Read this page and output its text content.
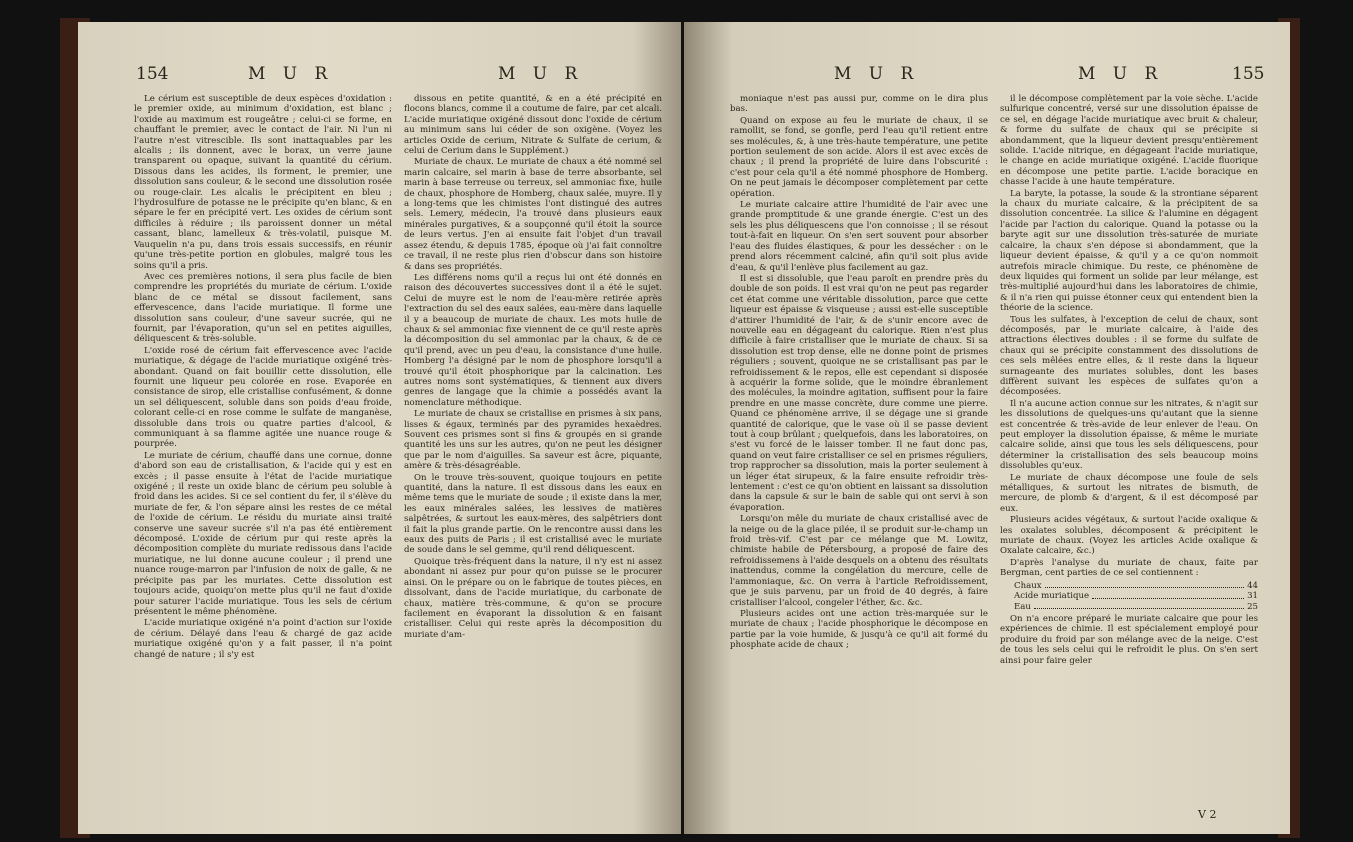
154	M U R	M U R

Le cérium est susceptible de deux espèces d'oxidation : le premier oxide, au minimum d'oxidation, est blanc ; l'oxide au maximum est rougeâtre ; celui-ci se forme, en chauffant le premier, avec le contact de l'air. Ni l'un ni l'autre n'est vitrescible. Ils sont inattaquables par les alcalis ; ils donnent, avec le borax, un verre jaune transparent ou opaque, suivant la quantité du cérium. Dissous dans les acides, ils forment, le premier, une dissolution sans couleur, & le second une dissolution rosée ou rouge-clair. Les alcalis le précipitent en bleu ; l'hydrosulfure de potasse ne le précipite qu'en blanc, & en sépare le fer en précipité vert. Les oxides de cérium sont difficiles à réduire ; ils paroissent donner un métal cassant, blanc, lamelleux & très-volatil, puisque M. Vauquelin n'a pu, dans trois essais successifs, en réunir qu'une très-petite portion en globules, malgré tous les soins qu'il a pris.

Avec ces premières notions, il sera plus facile de bien comprendre les propriétés du muriate de cérium. L'oxide blanc de ce métal se dissout facilement, sans effervescence, dans l'acide muriatique. Il forme une dissolution sans couleur, d'une saveur sucrée, qui ne fournit, par l'évaporation, qu'un sel en petites aiguilles, déliquescent & très-soluble.

L'oxide rosé de cérium fait effervescence avec l'acide muriatique, & dégage de l'acide muriatique oxigéné très-abondant. Quand on fait bouillir cette dissolution, elle fournit une liqueur peu colorée en rose. Evaporée en consistance de sirop, elle cristallise confusément, & donne un sel déliquescent, soluble dans son poids d'eau froide, colorant celle-ci en rose comme le sulfate de manganèse, dissoluble dans trois ou quatre parties d'alcool, & communiquant à sa flamme agitée une nuance rouge & pourprée.

Le muriate de cérium, chauffé dans une cornue, donne d'abord son eau de cristallisation, & l'acide qui y est en excès ; il passe ensuite à l'état de l'acide muriatique oxigéné ; il reste un oxide blanc de cérium peu soluble à froid dans les acides. Si ce sel contient du fer, il s'élève du muriate de fer, & l'on sépare ainsi les restes de ce métal de l'oxide de cérium. Le résidu du muriate ainsi traité conserve une saveur sucrée s'il n'a pas été entièrement décomposé. L'oxide de cérium pur qui reste après la décomposition complète du muriate redissous dans l'acide muriatique, ne lui donne aucune couleur ; il prend une nuance rouge-marron par l'infusion de noix de galle, & ne précipite pas par les muriates. Cette dissolution est toujours acide, quoiqu'on mette plus qu'il ne faut d'oxide pour saturer l'acide muriatique. Tous les sels de cérium présentent le même phénomène.

L'acide muriatique oxigéné n'a point d'action sur l'oxide de cérium. Délayé dans l'eau & chargé de gaz acide muriatique oxigéné qu'on y a fait passer, il n'a point changé de nature ; il s'y est

dissous en petite quantité, & en a été précipité en flocons blancs, comme il a coutume de faire, par cet alcali. L'acide muriatique oxigéné dissout donc l'oxide de cérium au minimum sans lui céder de son oxigène. (Voyez les articles Oxide de cerium, Nitrate & Sulfate de cerium, & celui de Cerium dans le Supplément.)

Muriate de chaux. Le muriate de chaux a été nommé sel marin calcaire, sel marin à base de terre absorbante, sel marin à base terreuse ou terreux, sel ammoniac fixe, huile de chaux, phosphore de Homberg, chaux salée, muyre. Il y a long-tems que les chimistes l'ont distingué des autres sels. Lemery, médecin, l'a trouvé dans plusieurs eaux minérales purgatives, & a soupçonné qu'il étoit la source de leurs vertus. J'en ai ensuite fait l'objet d'un travail assez étendu, & depuis 1785, époque où j'ai fait connoître ce travail, il ne reste plus rien d'obscur dans son histoire & dans ses propriétés.

Les différens noms qu'il a reçus lui ont été donnés en raison des découvertes successives dont il a été le sujet. Celui de muyre est le nom de l'eau-mère retirée après l'extraction du sel des eaux salées, eau-mère dans laquelle il y a beaucoup de muriate de chaux. Les mots huile de chaux & sel ammoniac fixe viennent de ce qu'il reste après la décomposition du sel ammoniac par la chaux, & de ce qu'il prend, avec un peu d'eau, la consistance d'une huile. Homberg l'a désigné par le nom de phosphore lorsqu'il a trouvé qu'il étoit phosphorique par la calcination. Les autres noms sont systématiques, & tiennent aux divers genres de langage que la chimie a possédés avant la nomenclature méthodique.

Le muriate de chaux se cristallise en prismes à six pans, lisses & égaux, terminés par des pyramides hexaèdres. Souvent ces prismes sont si fins & groupés en si grande quantité les uns sur les autres, qu'on ne peut les désigner que par le nom d'aiguilles. Sa saveur est âcre, piquante, amère & très-désagréable.

On le trouve très-souvent, quoique toujours en petite quantité, dans la nature. Il est dissous dans les eaux en même tems que le muriate de soude ; il existe dans la mer, les eaux minérales salées, les lessives de matières salpêtrées, & surtout les eaux-mères, des salpêtriers dont il fait la plus grande partie. On le rencontre aussi dans les eaux des puits de Paris ; il est cristallisé avec le muriate de soude dans le sel gemme, qu'il rend déliquescent.

Quoique très-fréquent dans la nature, il n'y est ni assez abondant ni assez pur pour qu'on puisse se le procurer ainsi. On le prépare ou on le fabrique de toutes pièces, en dissolvant, dans de l'acide muriatique, du carbonate de chaux, matière très-commune, & qu'on se procure facilement en évaporant la dissolution & en faisant cristalliser. Celui qui reste après la décomposition du muriate d'am-

M U R	M U R	155

moniaque n'est pas aussi pur, comme on le dira plus bas.

Quand on expose au feu le muriate de chaux, il se ramollit, se fond, se gonfle, perd l'eau qu'il retient entre ses molécules, &, à une très-haute température, une petite portion seulement de son acide. Alors il est avec excès de chaux ; il prend la propriété de luire dans l'obscurité : c'est pour cela qu'il a été nommé phosphore de Homberg. On ne peut jamais le décomposer complètement par cette opération.

Le muriate calcaire attire l'humidité de l'air avec une grande promptitude & une grande énergie. C'est un des sels les plus déliquescens que l'on connoisse ; il se résout tout-à-fait en liqueur. On s'en sert souvent pour absorber l'eau des fluides élastiques, & pour les dessécher : on le prend alors récemment calciné, afin qu'il soit plus avide d'eau, & qu'il l'enlève plus facilement au gaz.

Il est si dissoluble, que l'eau paroît en prendre près du double de son poids. Il est vrai qu'on ne peut pas regarder cet état comme une véritable dissolution, parce que cette liqueur est épaisse & visqueuse ; aussi est-elle susceptible d'attirer l'humidité de l'air, & de s'unir encore avec de nouvelle eau en dégageant du calorique. Rien n'est plus difficile à faire cristalliser que le muriate de chaux. Si sa dissolution est trop dense, elle ne donne point de prismes réguliers ; souvent, quoique ne se cristallisant pas par le refroidissement & le repos, elle est cependant si disposée à acquérir la forme solide, que le moindre ébranlement des molécules, la moindre agitation, suffisent pour la faire prendre en une masse concrète, dure comme une pierre. Quand ce phénomène arrive, il se dégage une si grande quantité de calorique, que le vase où il se passe devient tout à coup brûlant ; quelquefois, dans les laboratoires, on s'est vu forcé de le laisser tomber. Il ne faut donc pas, quand on veut faire cristalliser ce sel en prismes réguliers, trop rapprocher sa dissolution, mais la porter seulement à un léger état sirupeux, & la faire ensuite refroidir très-lentement : c'est ce qu'on obtient en laissant sa dissolution dans la capsule & sur le bain de sable qui ont servi à son évaporation.

Lorsqu'on mêle du muriate de chaux cristallisé avec de la neige ou de la glace pilée, il se produit sur-le-champ un froid très-vif. C'est par ce mélange que M. Lowitz, chimiste habile de Pétersbourg, a proposé de faire des refroidissemens à l'aide desquels on a obtenu des résultats inattendus, comme la congélation du mercure, celle de l'ammoniaque, &c. On verra à l'article Refroidissement, que je suis parvenu, par un froid de 40 degrés, à faire cristalliser l'alcool, congeler l'éther, &c. &c.

Plusieurs acides ont une action très-marquée sur le muriate de chaux ; l'acide phosphorique le décompose en partie par la voie humide, & jusqu'à ce qu'il ait formé du phosphate acide de chaux ;

il le décompose complètement par la voie sèche. L'acide sulfurique concentré, versé sur une dissolution épaisse de ce sel, en dégage l'acide muriatique avec bruit & chaleur, & forme du sulfate de chaux qui se précipite si abondamment, que la liqueur devient presqu'entièrement solide. L'acide nitrique, en dégageant l'acide muriatique, le change en acide muriatique oxigéné. L'acide fluorique en décompose une petite partie. L'acide boracique en chasse l'acide à une haute température.

La baryte, la potasse, la soude & la strontiane séparent la chaux du muriate calcaire, & la précipitent de sa dissolution concentrée. La silice & l'alumine en dégagent l'acide par l'action du calorique. Quand la potasse ou la baryte agit sur une dissolution très-saturée de muriate calcaire, la chaux s'en dépose si abondamment, que la liqueur devient épaisse, & qu'il y a ce qu'on nommoit autrefois miracle chimique. Du reste, ce phénomène de deux liquides qui forment un solide par leur mélange, est très-multiplié aujourd'hui dans les laboratoires de chimie, & il n'a rien qui puisse étonner ceux qui entendent bien la théorie de la science.

Tous les sulfates, à l'exception de celui de chaux, sont décomposés, par le muriate calcaire, à l'aide des attractions électives doubles : il se forme du sulfate de chaux qui se précipite constamment des dissolutions de ces sels mêlées entre elles, & il reste dans la liqueur surnageante des muriates solubles, dont les bases diffèrent suivant les espèces de sulfates qu'on a décomposées.

Il n'a aucune action connue sur les nitrates, & n'agit sur les dissolutions de quelques-uns qu'autant que la sienne est concentrée & très-avide de leur enlever de l'eau. On peut employer la dissolution épaisse, & même le muriate calcaire solide, ainsi que tous les sels déliquescens, pour déterminer la cristallisation des sels beaucoup moins dissolubles qu'eux.

Le muriate de chaux décompose une foule de sels métalliques, & surtout les nitrates de bismuth, de mercure, de plomb & d'argent, & il est décomposé par eux.

Plusieurs acides végétaux, & surtout l'acide oxalique & les oxalates solubles, décomposent & précipitent le muriate de chaux. (Voyez les articles Acide oxalique & Oxalate calcaire, &c.)

D'après l'analyse du muriate de chaux, faite par Bergman, cent parties de ce sel contiennent :

Chaux	44
Acide muriatique	31
Eau	25

On n'a encore préparé le muriate calcaire que pour les expériences de chimie. Il est spécialement employé pour produire du froid par son mélange avec de la neige. C'est de tous les sels celui qui le refroidit le plus. On s'en sert ainsi pour faire geler

V 2
